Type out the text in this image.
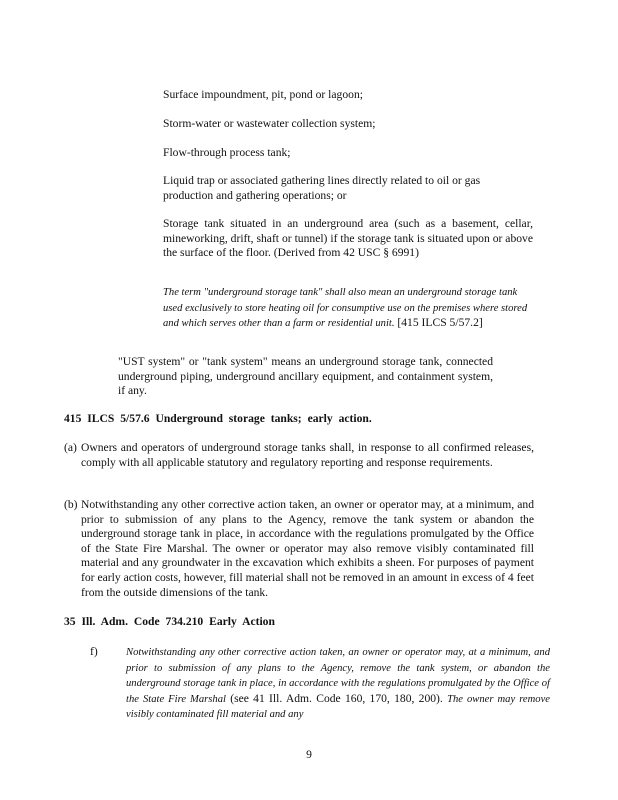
Surface impoundment, pit, pond or lagoon;

Storm-water or wastewater collection system;

Flow-through process tank;

Liquid trap or associated gathering lines directly related to oil or gas production and gathering operations; or

Storage tank situated in an underground area (such as a basement, cellar, mineworking, drift, shaft or tunnel) if the storage tank is situated upon or above the surface of the floor. (Derived from 42 USC § 6991)

The term "underground storage tank" shall also mean an underground storage tank used exclusively to store heating oil for consumptive use on the premises where stored and which serves other than a farm or residential unit. [415 ILCS 5/57.2]

"UST system" or "tank system" means an underground storage tank, connected underground piping, underground ancillary equipment, and containment system, if any.

415 ILCS 5/57.6 Underground storage tanks; early action.

(a) Owners and operators of underground storage tanks shall, in response to all confirmed releases, comply with all applicable statutory and regulatory reporting and response requirements.
(b) Notwithstanding any other corrective action taken, an owner or operator may, at a minimum, and prior to submission of any plans to the Agency, remove the tank system or abandon the underground storage tank in place, in accordance with the regulations promulgated by the Office of the State Fire Marshal. The owner or operator may also remove visibly contaminated fill material and any groundwater in the excavation which exhibits a sheen. For purposes of payment for early action costs, however, fill material shall not be removed in an amount in excess of 4 feet from the outside dimensions of the tank.

35 Ill. Adm. Code 734.210 Early Action

f)	Notwithstanding any other corrective action taken, an owner or operator may, at a minimum, and prior to submission of any plans to the Agency, remove the tank system, or abandon the underground storage tank in place, in accordance with the regulations promulgated by the Office of the State Fire Marshal (see 41 Ill. Adm. Code 160, 170, 180, 200). The owner may remove visibly contaminated fill material and any

9
